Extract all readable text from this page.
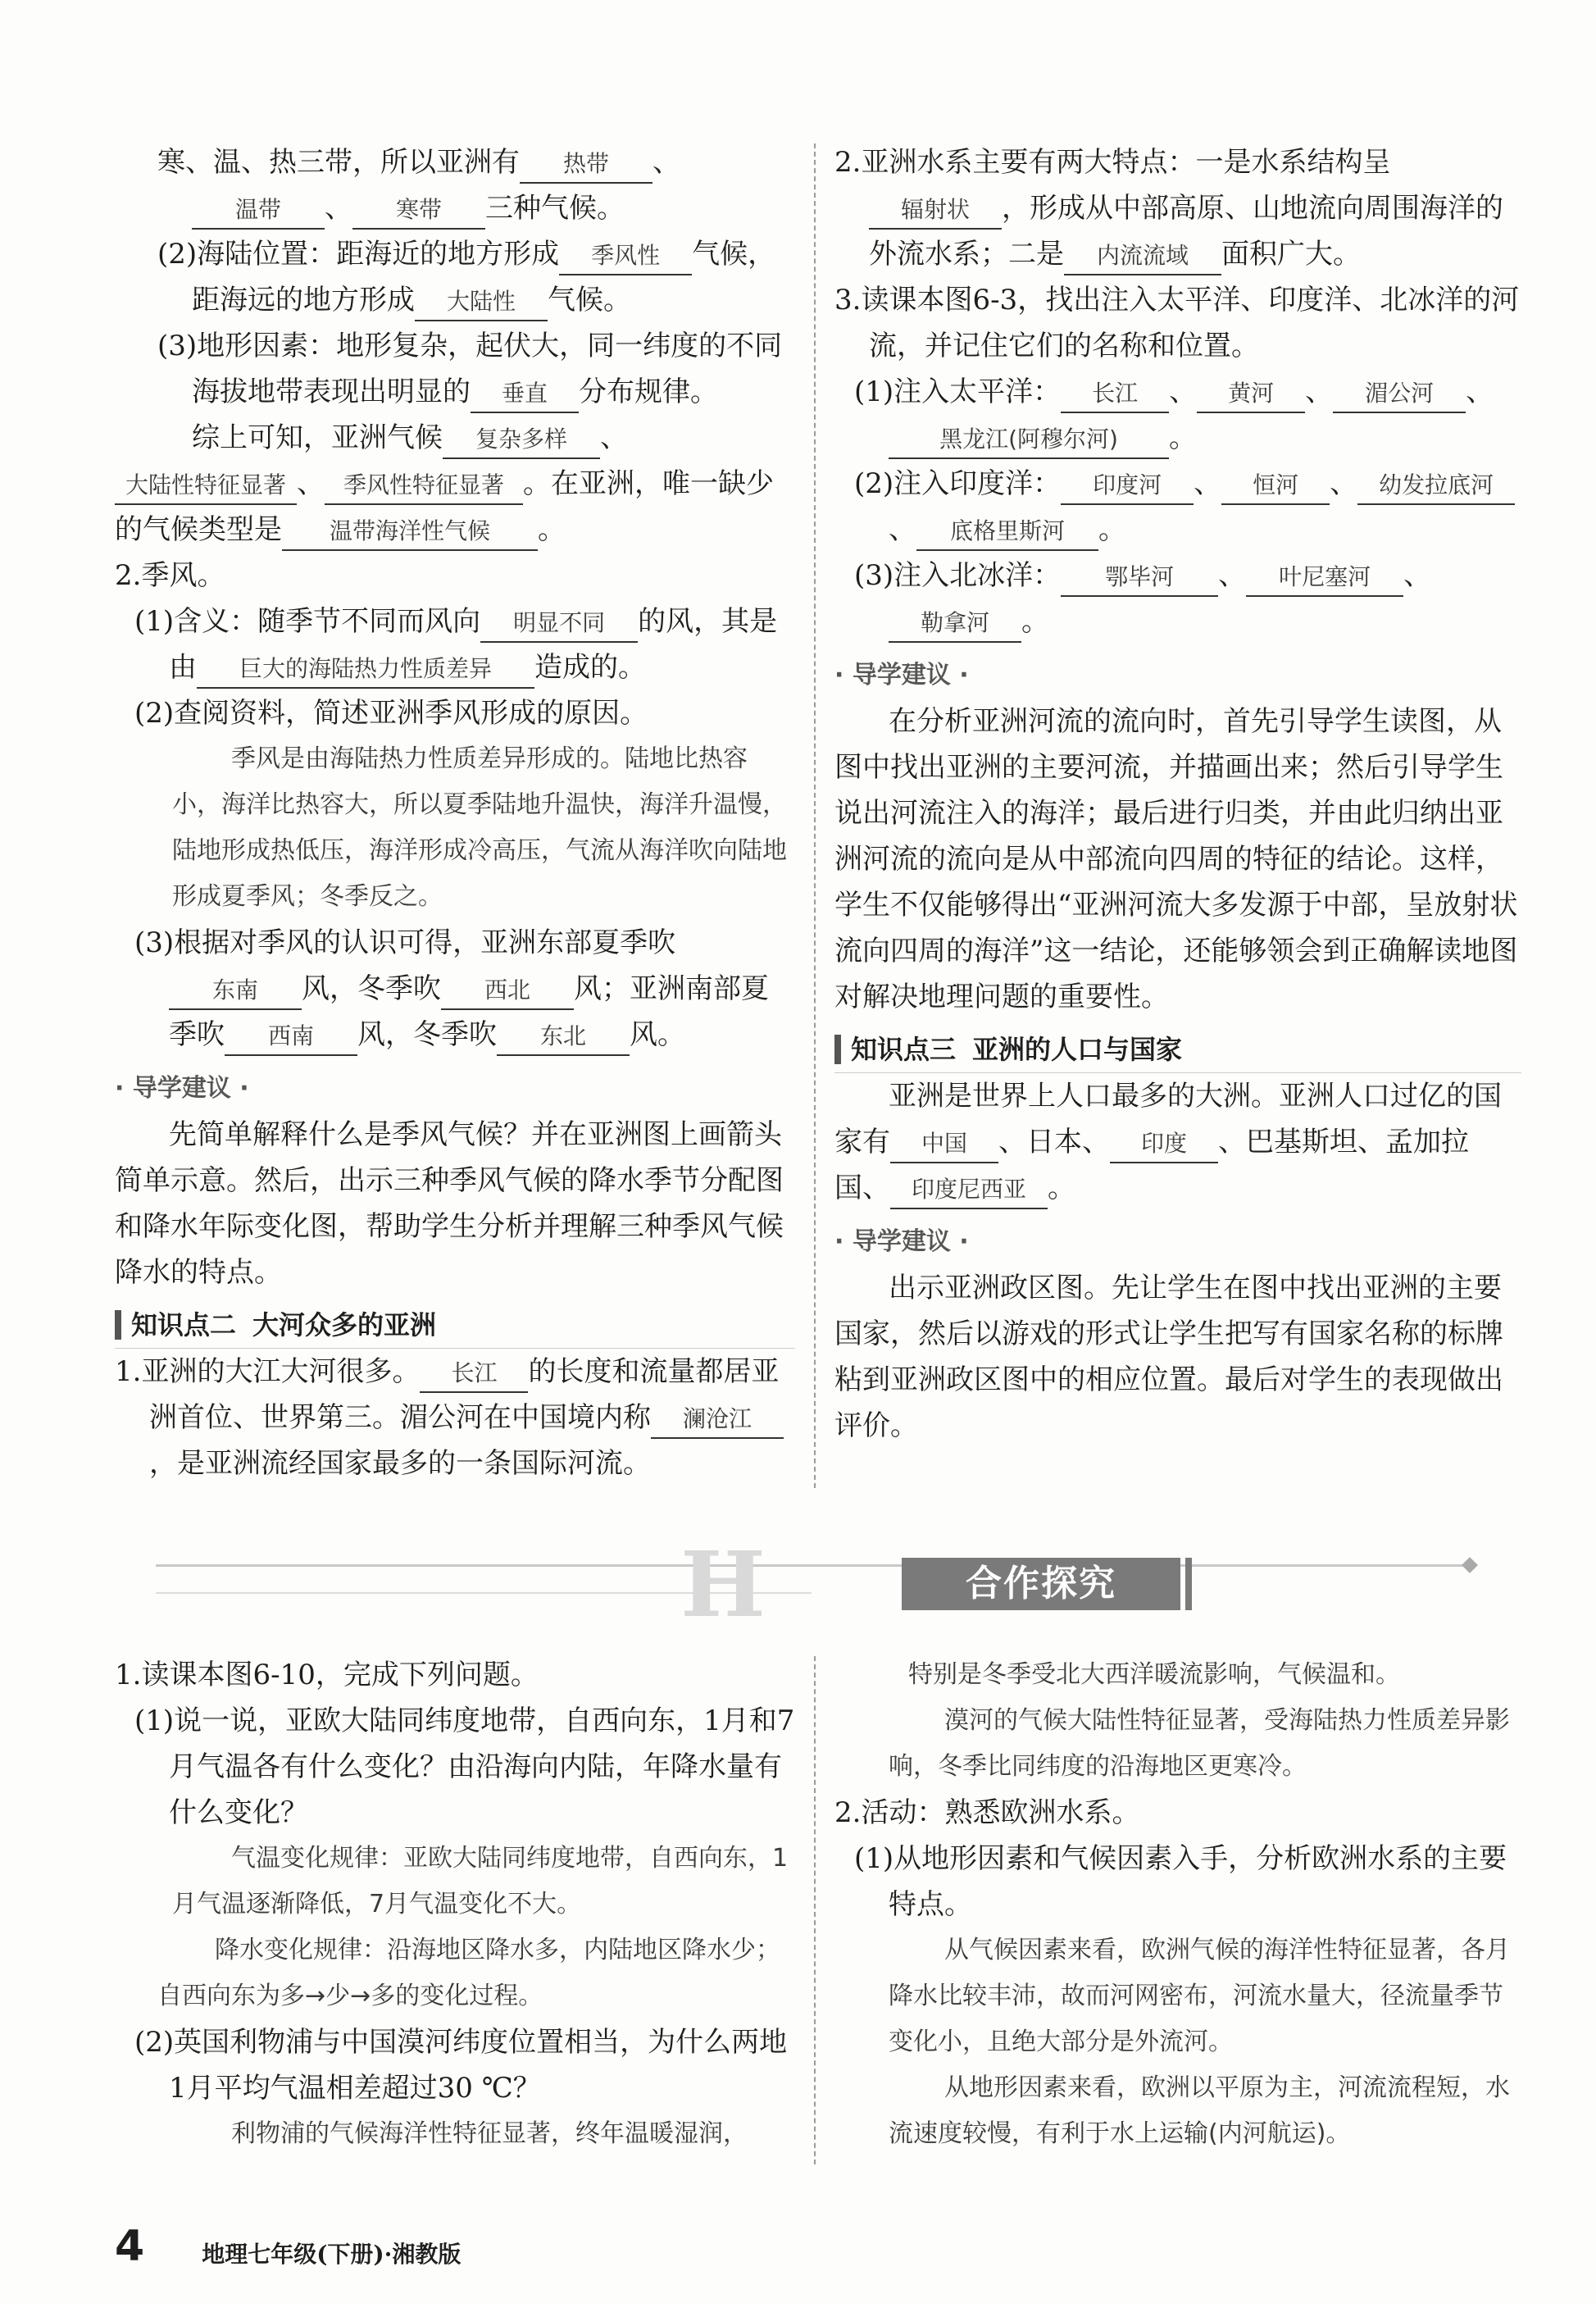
寒、温、热三带，所以亚洲有 热带 、温带 、 寒带 三种气候。

(2)海陆位置：距海近的地方形成 季风性 气候，距海远的地方形成 大陆性 气候。

(3)地形因素：地形复杂，起伏大，同一纬度的不同海拔地带表现出明显的 垂直 分布规律。

综上可知，亚洲气候 复杂多样 、大陆性特征显著 、 季风性特征显著 。在亚洲，唯一缺少的气候类型是 温带海洋性气候 。

2.季风。

(1)含义：随季节不同而风向 明显不同 的风，其是由 巨大的海陆热力性质差异 造成的。

(2)查阅资料，简述亚洲季风形成的原因。

季风是由海陆热力性质差异形成的。陆地比热容小，海洋比热容大，所以夏季陆地升温快，海洋升温慢，陆地形成热低压，海洋形成冷高压，气流从海洋吹向陆地形成夏季风；冬季反之。

(3)根据对季风的认识可得，亚洲东部夏季吹东南 风，冬季吹 西北 风；亚洲南部夏季吹 西南 风，冬季吹 东北 风。

· 导学建议 ·

先简单解释什么是季风气候？并在亚洲图上画箭头简单示意。然后，出示三种季风气候的降水季节分配图和降水年际变化图，帮助学生分析并理解三种季风气候降水的特点。

知识点二 大河众多的亚洲

1.亚洲的大江大河很多。 长江 的长度和流量都居亚洲首位、世界第三。湄公河在中国境内称 澜沧江，是亚洲流经国家最多的一条国际河流。

2.亚洲水系主要有两大特点：一是水系结构呈辐射状 ，形成从中部高原、山地流向周围海洋的外流水系；二是 内流流域 面积广大。

3.读课本图6-3，找出注入太平洋、印度洋、北冰洋的河流，并记住它们的名称和位置。

(1)注入太平洋： 长江 、 黄河 、 湄公河 、黑龙江(阿穆尔河) 。

(2)注入印度洋： 印度河 、 恒河 、 幼发拉底河、 底格里斯河 。

(3)注入北冰洋： 鄂毕河 、 叶尼塞河 、勒拿河 。

· 导学建议 ·

在分析亚洲河流的流向时，首先引导学生读图，从图中找出亚洲的主要河流，并描画出来；然后引导学生说出河流注入的海洋；最后进行归类，并由此归纳出亚洲河流的流向是从中部流向四周的特征的结论。这样，学生不仅能够得出“亚洲河流大多发源于中部，呈放射状流向四周的海洋”这一结论，还能够领会到正确解读地图对解决地理问题的重要性。

知识点三 亚洲的人口与国家

亚洲是世界上人口最多的大洲。亚洲人口过亿的国家有 中国 、日本、 印度 、巴基斯坦、孟加拉国、 印度尼西亚 。

· 导学建议 ·

出示亚洲政区图。先让学生在图中找出亚洲的主要国家，然后以游戏的形式让学生把写有国家名称的标牌粘到亚洲政区图中的相应位置。最后对学生的表现做出评价。

H	合作探究

1.读课本图6-10，完成下列问题。

(1)说一说，亚欧大陆同纬度地带，自西向东，1月和7月气温各有什么变化？由沿海向内陆，年降水量有什么变化？

气温变化规律：亚欧大陆同纬度地带，自西向东，1月气温逐渐降低，7月气温变化不大。

降水变化规律：沿海地区降水多，内陆地区降水少；自西向东为多→少→多的变化过程。

(2)英国利物浦与中国漠河纬度位置相当，为什么两地1月平均气温相差超过30 ℃？

利物浦的气候海洋性特征显著，终年温暖湿润，

特别是冬季受北大西洋暖流影响，气候温和。

漠河的气候大陆性特征显著，受海陆热力性质差异影响，冬季比同纬度的沿海地区更寒冷。

2.活动：熟悉欧洲水系。

(1)从地形因素和气候因素入手，分析欧洲水系的主要特点。

从气候因素来看，欧洲气候的海洋性特征显著，各月降水比较丰沛，故而河网密布，河流水量大，径流量季节变化小，且绝大部分是外流河。

从地形因素来看，欧洲以平原为主，河流流程短，水流速度较慢，有利于水上运输(内河航运)。

4	地理七年级(下册)·湘教版
